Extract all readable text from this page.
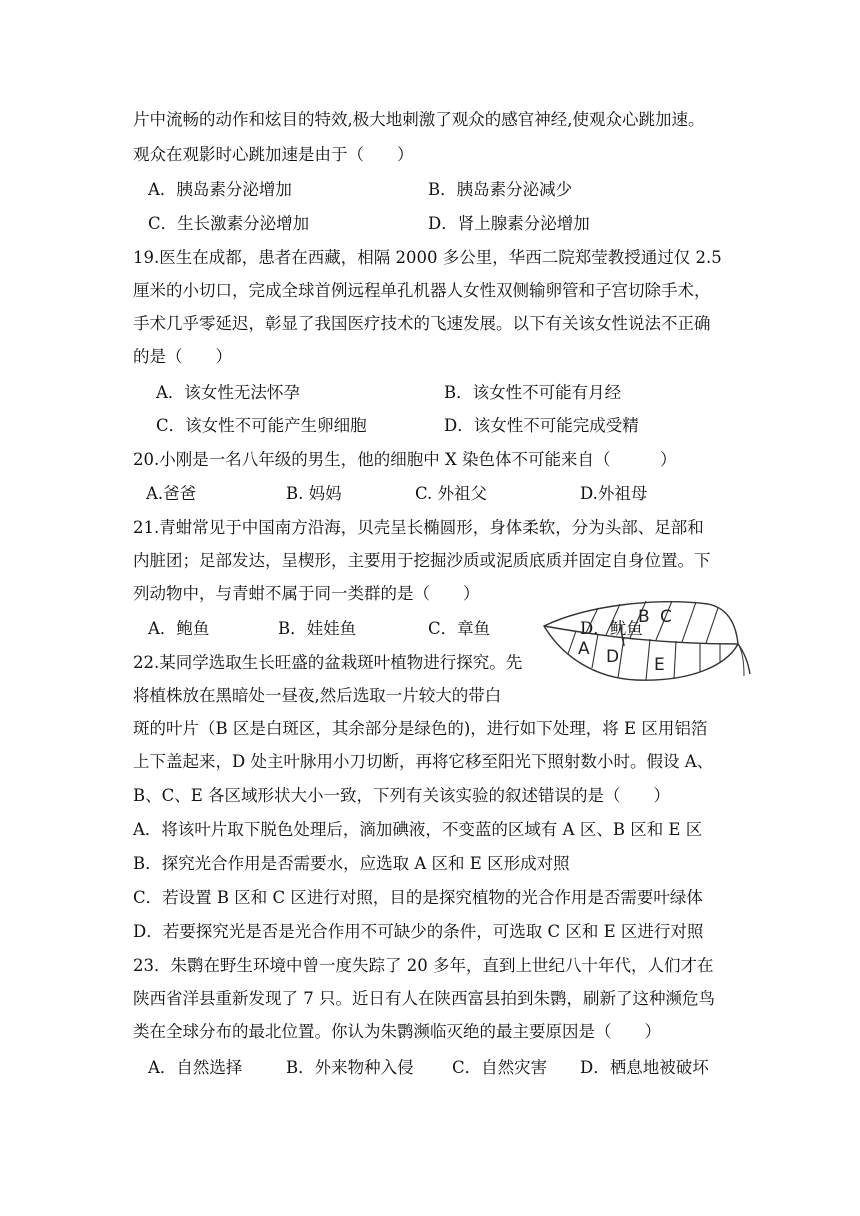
片中流畅的动作和炫目的特效,极大地刺激了观众的感官神经,使观众心跳加速。
观众在观影时心跳加速是由于（　　）
A．胰岛素分泌增加	B．胰岛素分泌减少
C．生长激素分泌增加	D．肾上腺素分泌增加
19.医生在成都，患者在西藏，相隔 2000 多公里，华西二院郑莹教授通过仅 2.5
厘米的小切口，完成全球首例远程单孔机器人女性双侧输卵管和子宫切除手术，
手术几乎零延迟，彰显了我国医疗技术的飞速发展。以下有关该女性说法不正确
的是（　　）
A．该女性无法怀孕	B．该女性不可能有月经
C．该女性不可能产生卵细胞	D．该女性不可能完成受精
20.小刚是一名八年级的男生，他的细胞中 X 染色体不可能来自（　　　）
A.爸爸	B. 妈妈	C. 外祖父	D.外祖母
21.青蚶常见于中国南方沿海，贝壳呈长椭圆形，身体柔软，分为头部、足部和
内脏团；足部发达，呈楔形，主要用于挖掘沙质或泥质底质并固定自身位置。下
列动物中，与青蚶不属于同一类群的是（　　）
A．鲍鱼	B．娃娃鱼	C．章鱼	D．鱿鱼
A
B C
D E
22.某同学选取生长旺盛的盆栽斑叶植物进行探究。先
将植株放在黑暗处一昼夜,然后选取一片较大的带白
斑的叶片（B 区是白斑区，其余部分是绿色的)，进行如下处理，将 E 区用铝箔
上下盖起来，D 处主叶脉用小刀切断，再将它移至阳光下照射数小时。假设 A、
B、C、E 各区域形状大小一致，下列有关该实验的叙述错误的是（　　）
A．将该叶片取下脱色处理后，滴加碘液，不变蓝的区域有 A 区、B 区和 E 区
B．探究光合作用是否需要水，应选取 A 区和 E 区形成对照
C．若设置 B 区和 C 区进行对照，目的是探究植物的光合作用是否需要叶绿体
D．若要探究光是否是光合作用不可缺少的条件，可选取 C 区和 E 区进行对照
23．朱鹮在野生环境中曾一度失踪了 20 多年，直到上世纪八十年代，人们才在
陕西省洋县重新发现了 7 只。近日有人在陕西富县拍到朱鹮，刷新了这种濒危鸟
类在全球分布的最北位置。你认为朱鹮濒临灭绝的最主要原因是（　　）
A．自然选择	B．外来物种入侵 C．自然灾害 D．栖息地被破坏
